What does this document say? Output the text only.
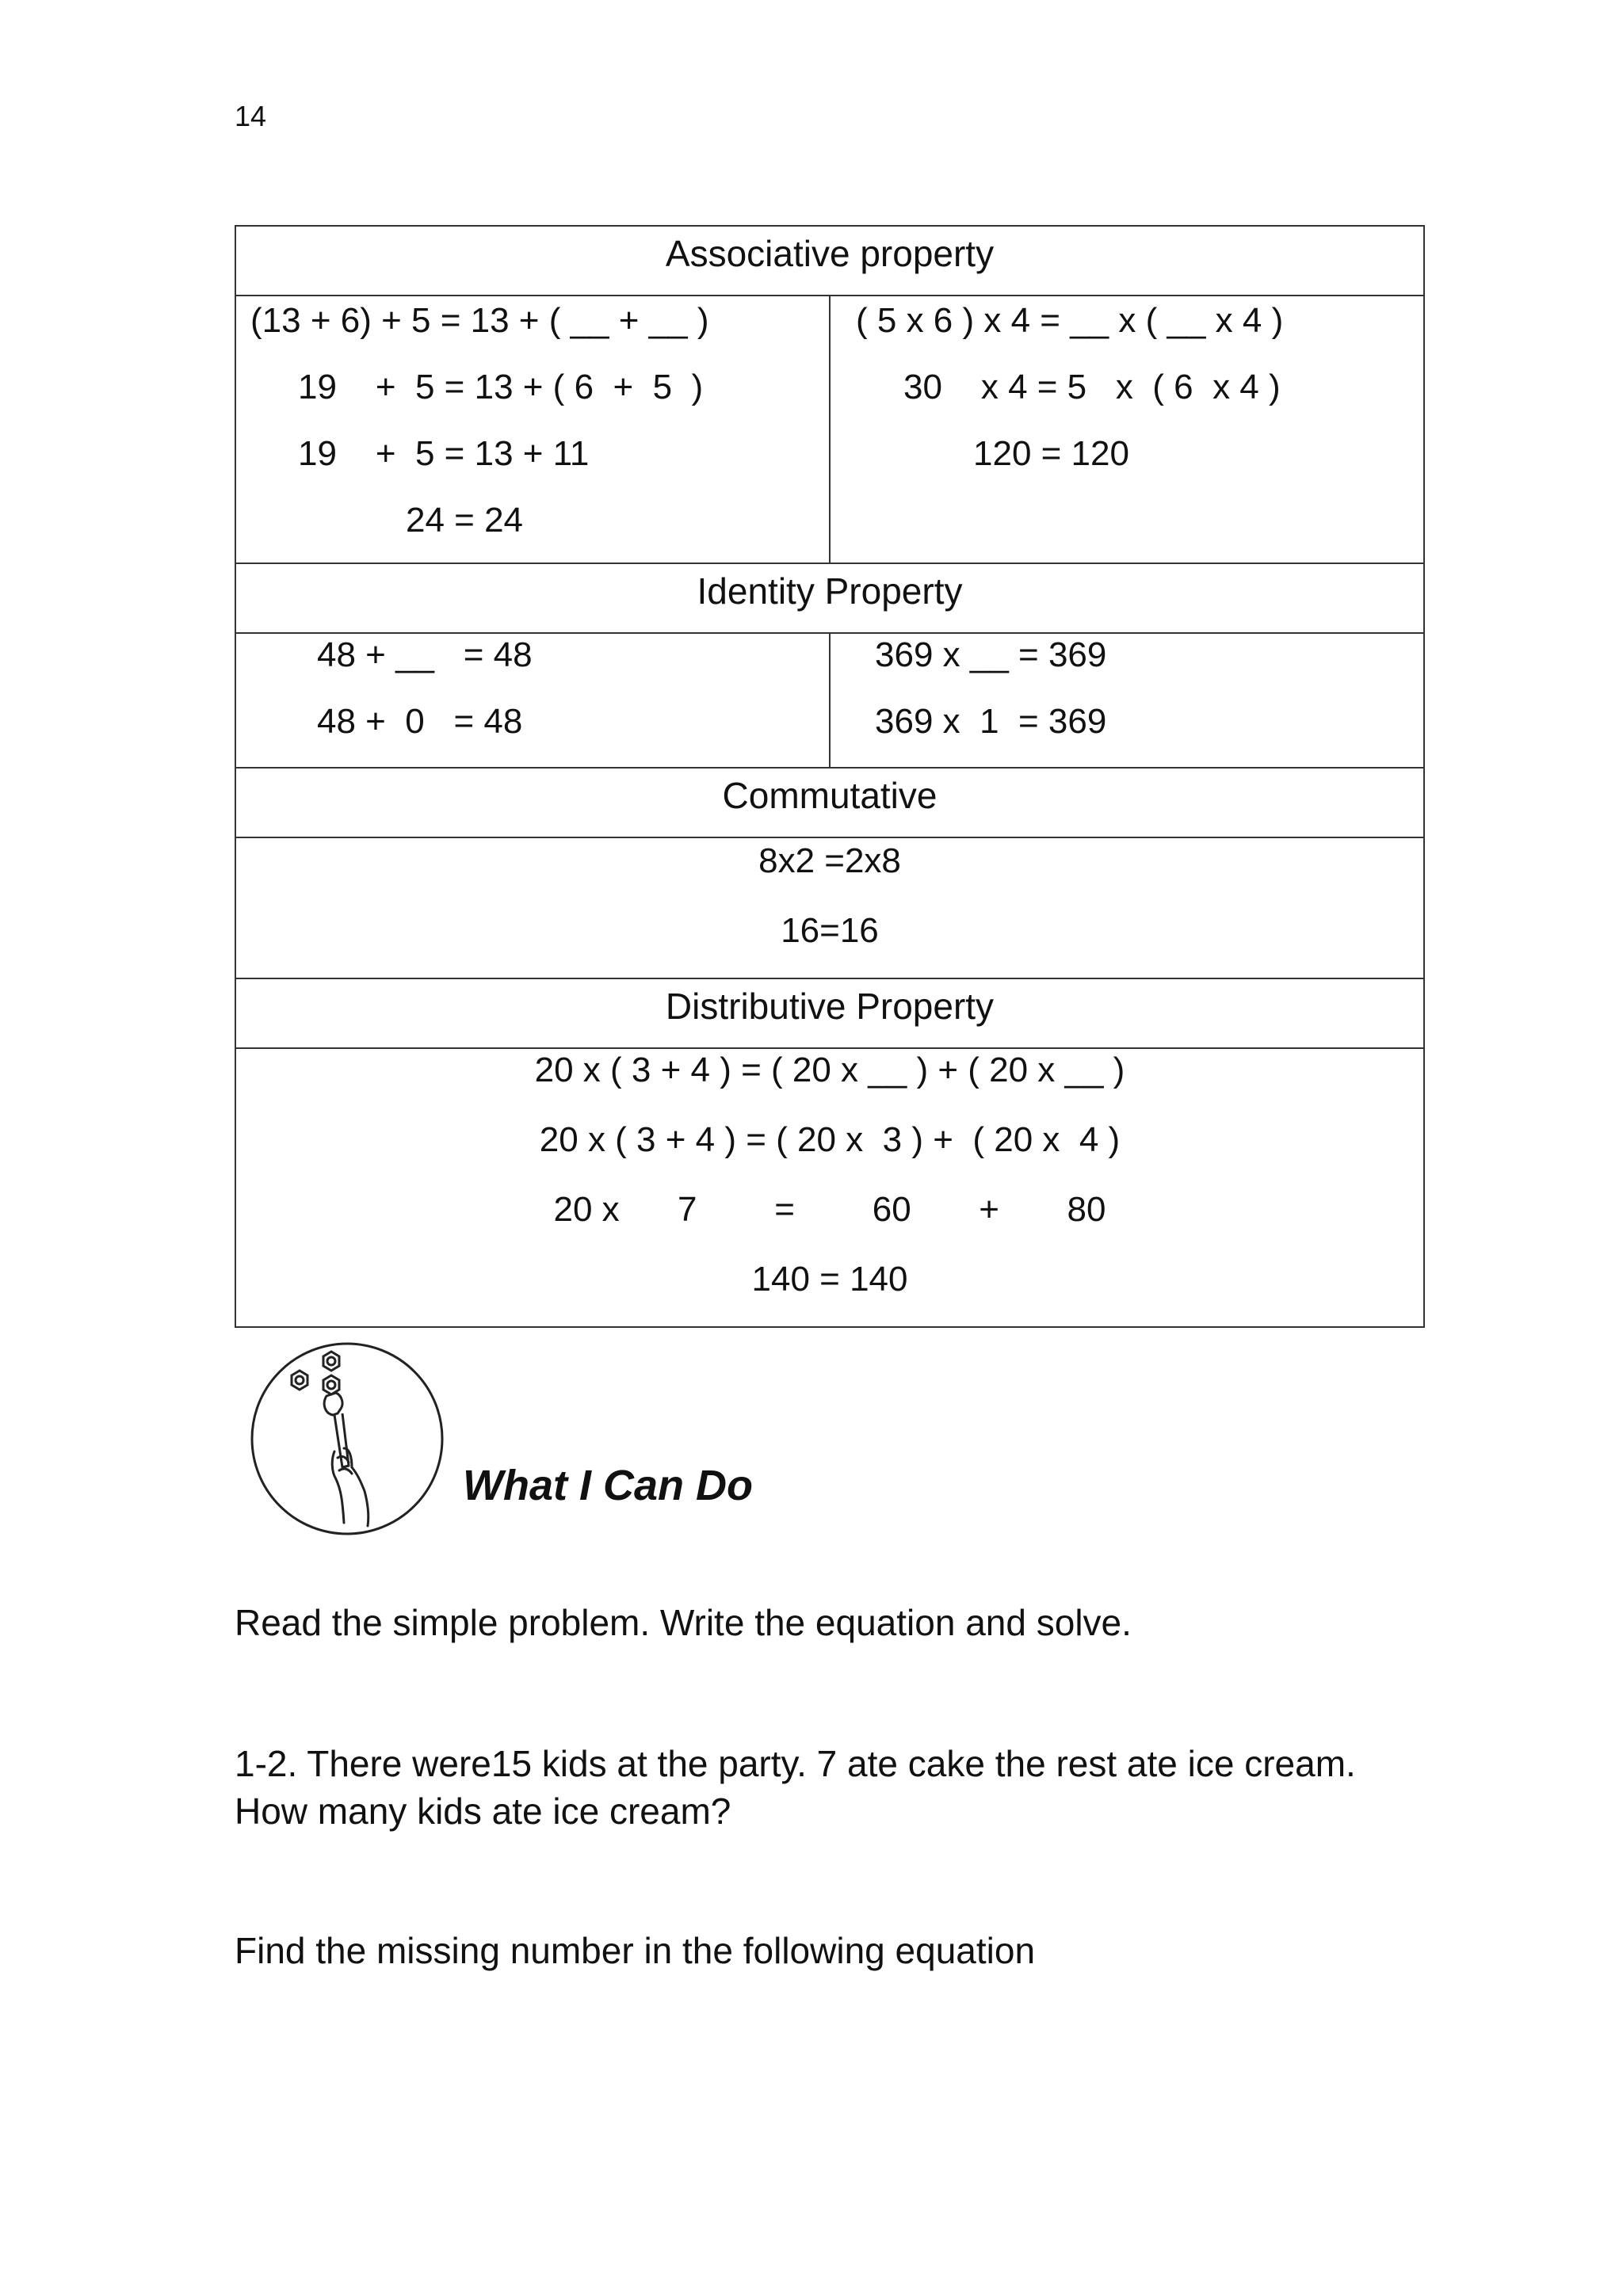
14
Associative property
(13 + 6) + 5 = 13 + ( __ + __ )
19    +  5 = 13 + ( 6  +  5  )
19    +  5 = 13 + 11
24 = 24
( 5 x 6 ) x 4 = __ x ( __ x 4 )
30    x 4 = 5   x  ( 6  x 4 )
120 = 120
Identity Property
48 + __   = 48
48 +  0   = 48
369 x __ = 369
369 x  1  = 369
Commutative
8x2 =2x8
16=16
Distributive Property
20 x ( 3 + 4 ) = ( 20 x __ ) + ( 20 x __ )
20 x ( 3 + 4 ) = ( 20 x  3 ) +  ( 20 x  4 )
20 x      7        =        60       +       80
140 = 140
What I Can Do
Read the simple problem. Write the equation and solve.
1-2. There were15 kids at the party. 7 ate cake the rest ate ice cream.
How many kids ate ice cream?
Find the missing number in the following equation
